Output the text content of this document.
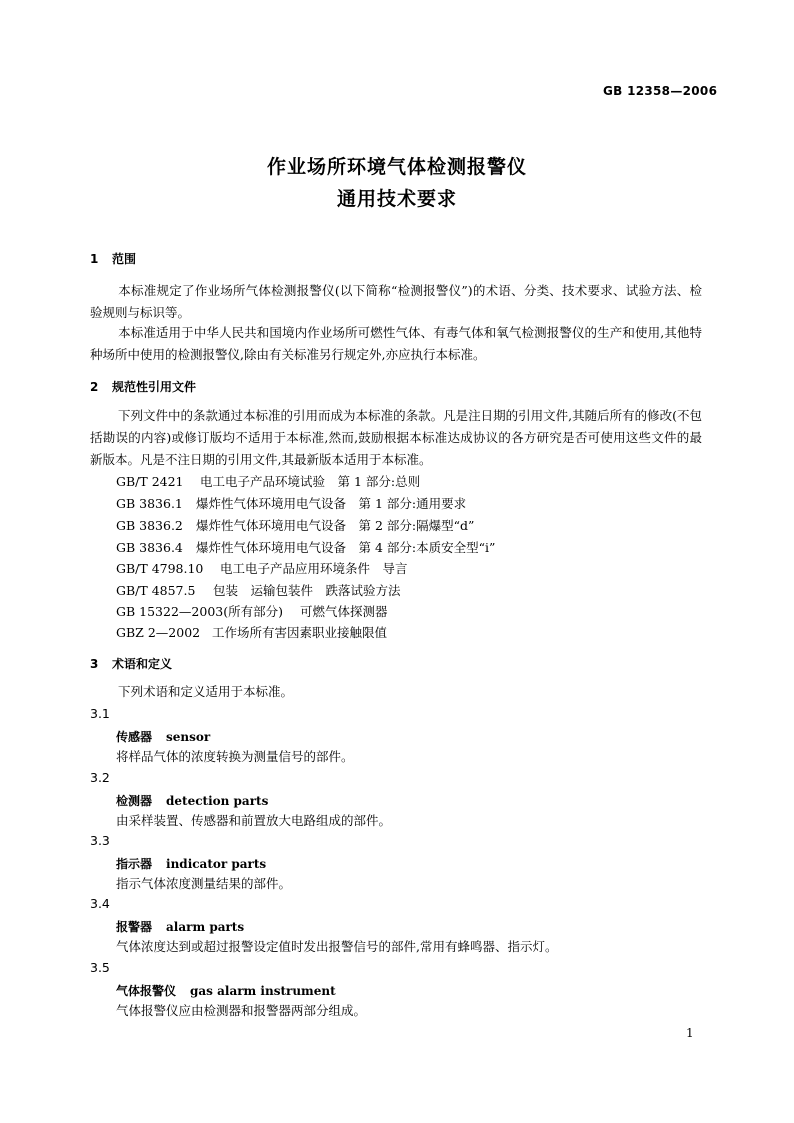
GB 12358—2006
作业场所环境气体检测报警仪
通用技术要求
1 范围
本标准规定了作业场所气体检测报警仪(以下简称“检测报警仪”)的术语、分类、技术要求、试验方法、检验规则与标识等。
本标准适用于中华人民共和国境内作业场所可燃性气体、有毒气体和氧气检测报警仪的生产和使用,其他特种场所中使用的检测报警仪,除由有关标准另行规定外,亦应执行本标准。
2 规范性引用文件
下列文件中的条款通过本标准的引用而成为本标准的条款。凡是注日期的引用文件,其随后所有的修改(不包括勘误的内容)或修订版均不适用于本标准,然而,鼓励根据本标准达成协议的各方研究是否可使用这些文件的最新版本。凡是不注日期的引用文件,其最新版本适用于本标准。
GB/T 2421 电工电子产品环境试验　第 1 部分:总则
GB 3836.1 爆炸性气体环境用电气设备　第 1 部分:通用要求
GB 3836.2 爆炸性气体环境用电气设备　第 2 部分:隔爆型“d”
GB 3836.4 爆炸性气体环境用电气设备　第 4 部分:本质安全型“i”
GB/T 4798.10 电工电子产品应用环境条件　导言
GB/T 4857.5 包装　运输包装件　跌落试验方法
GB 15322—2003(所有部分) 可燃气体探测器
GBZ 2—2002 工作场所有害因素职业接触限值
3 术语和定义
下列术语和定义适用于本标准。
3.1
传感器 sensor
将样品气体的浓度转换为测量信号的部件。
3.2
检测器 detection parts
由采样装置、传感器和前置放大电路组成的部件。
3.3
指示器 indicator parts
指示气体浓度测量结果的部件。
3.4
报警器 alarm parts
气体浓度达到或超过报警设定值时发出报警信号的部件,常用有蜂鸣器、指示灯。
3.5
气体报警仪 gas alarm instrument
气体报警仪应由检测器和报警器两部分组成。
1
